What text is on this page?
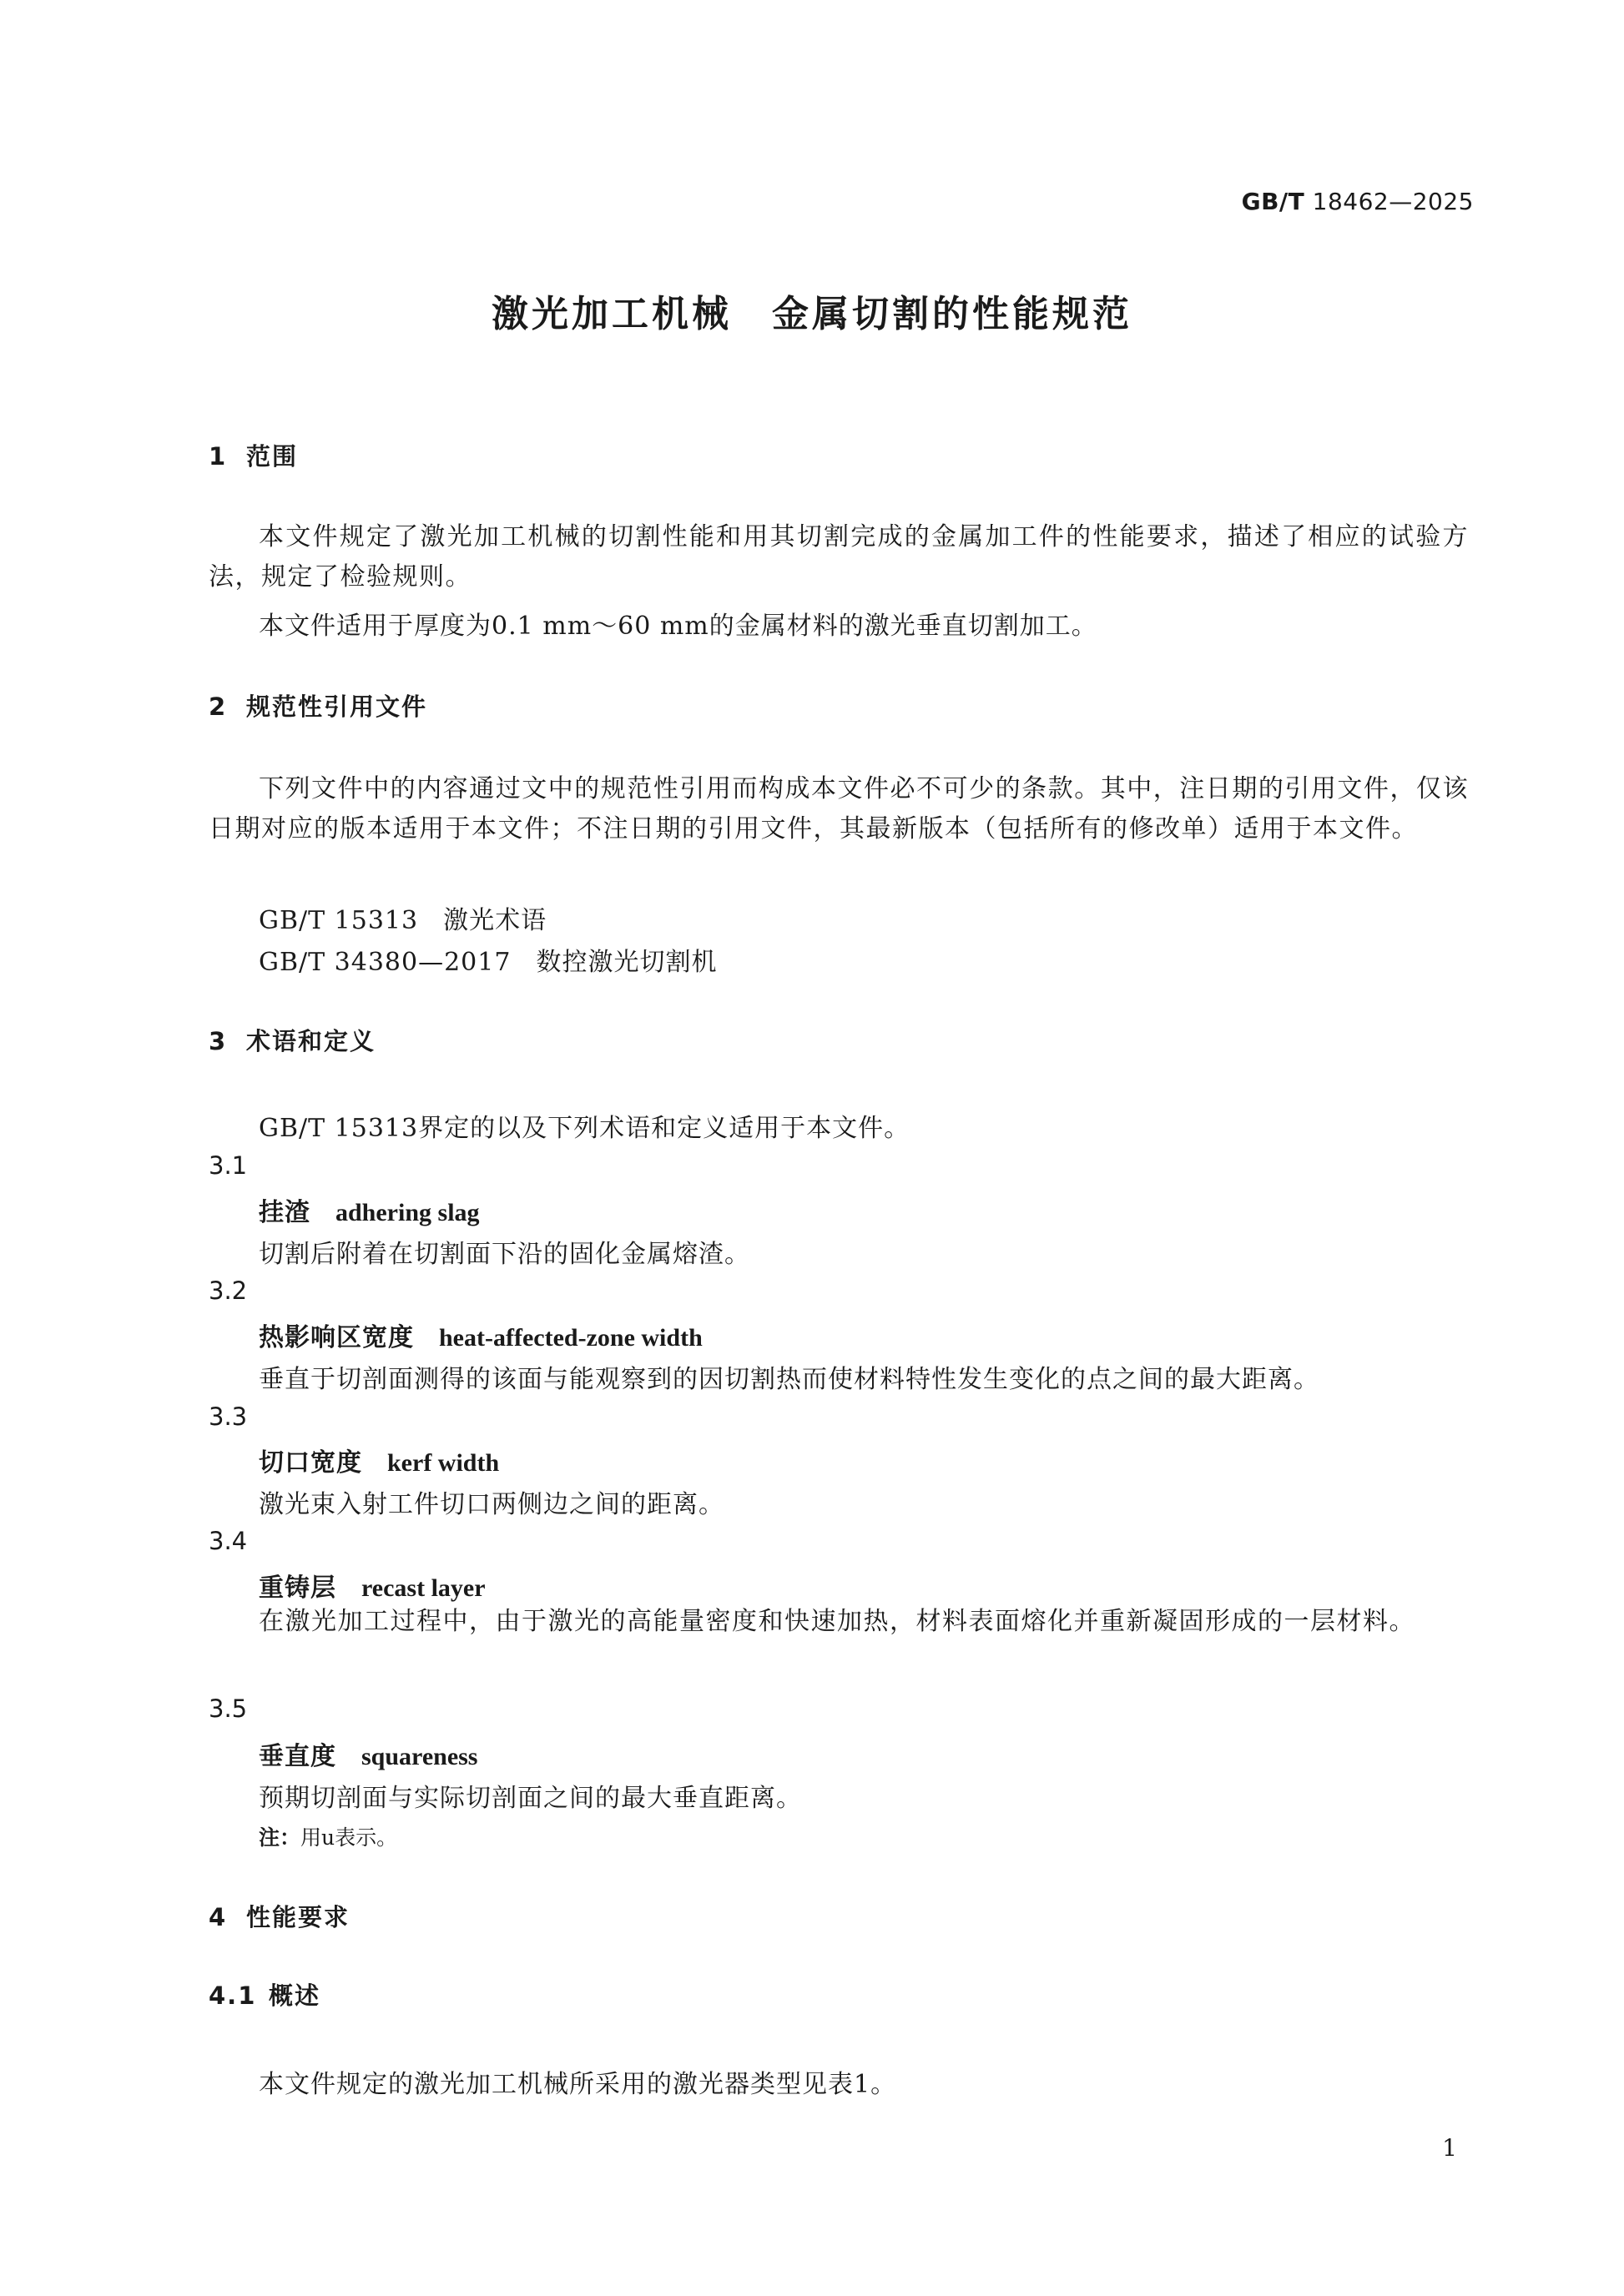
GB/T 18462—2025
激光加工机械　金属切割的性能规范
1 范围
本文件规定了激光加工机械的切割性能和用其切割完成的金属加工件的性能要求，描述了相应的试验方法，规定了检验规则。
本文件适用于厚度为0.1 mm～60 mm的金属材料的激光垂直切割加工。
2 规范性引用文件
下列文件中的内容通过文中的规范性引用而构成本文件必不可少的条款。其中，注日期的引用文件，仅该日期对应的版本适用于本文件；不注日期的引用文件，其最新版本（包括所有的修改单）适用于本文件。
GB/T 15313 激光术语
GB/T 34380—2017 数控激光切割机
3 术语和定义
GB/T 15313界定的以及下列术语和定义适用于本文件。
3.1
挂渣 adhering slag
切割后附着在切割面下沿的固化金属熔渣。
3.2
热影响区宽度 heat-affected-zone width
垂直于切剖面测得的该面与能观察到的因切割热而使材料特性发生变化的点之间的最大距离。
3.3
切口宽度 kerf width
激光束入射工件切口两侧边之间的距离。
3.4
重铸层 recast layer
在激光加工过程中，由于激光的高能量密度和快速加热，材料表面熔化并重新凝固形成的一层材料。
3.5
垂直度 squareness
预期切剖面与实际切剖面之间的最大垂直距离。
注：用u表示。
4 性能要求
4.1 概述
本文件规定的激光加工机械所采用的激光器类型见表1。
1
